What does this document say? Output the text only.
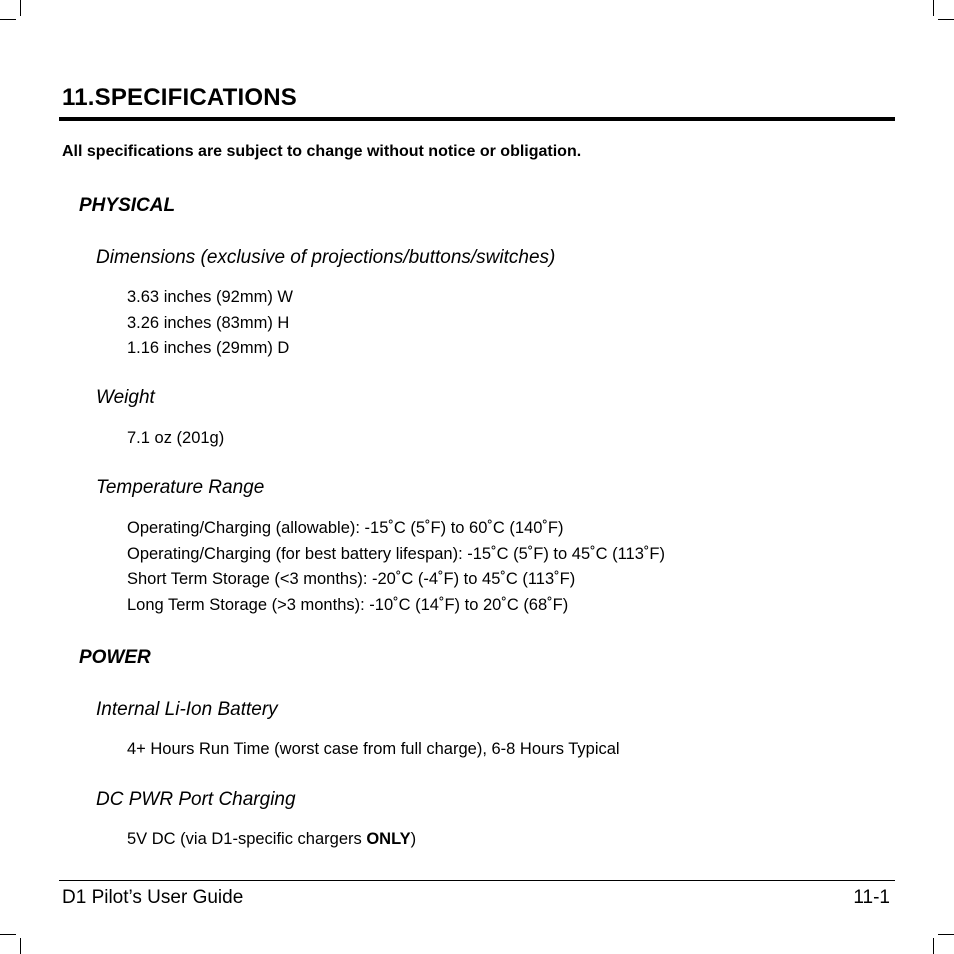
11.SPECIFICATIONS
All specifications are subject to change without notice or obligation.
PHYSICAL
Dimensions (exclusive of projections/buttons/switches)
3.63 inches (92mm) W
3.26 inches (83mm) H
1.16 inches (29mm) D
Weight
7.1 oz (201g)
Temperature Range
Operating/Charging (allowable): -15˚C (5˚F) to 60˚C (140˚F)
Operating/Charging (for best battery lifespan): -15˚C (5˚F) to 45˚C (113˚F)
Short Term Storage (<3 months): -20˚C (-4˚F) to 45˚C (113˚F)
Long Term Storage (>3 months): -10˚C (14˚F) to 20˚C (68˚F)
POWER
Internal Li-Ion Battery
4+ Hours Run Time (worst case from full charge), 6-8 Hours Typical
DC PWR Port Charging
5V DC (via D1-specific chargers ONLY)
D1 Pilot’s User Guide	11-1
